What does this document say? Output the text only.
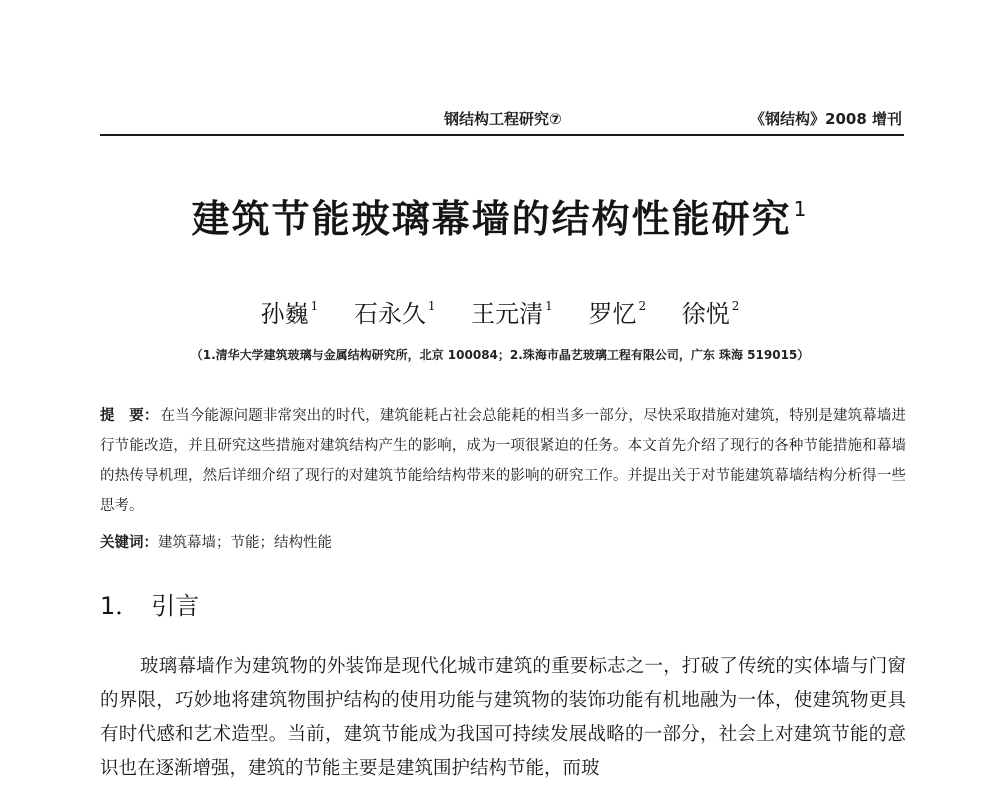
钢结构工程研究⑦	《钢结构》2008 增刊
建筑节能玻璃幕墙的结构性能研究 $^1$
孙巍 $^1$ 石永久 $^1$ 王元清 $^1$ 罗忆 $^2$ 徐悦 $^2$
（1.清华大学建筑玻璃与金属结构研究所，北京 100084；2.珠海市晶艺玻璃工程有限公司，广东 珠海 519015）
提　要： 在当今能源问题非常突出的时代，建筑能耗占社会总能耗的相当多一部分，尽快采取措施对建筑，特别是建筑幕墙进行节能改造，并且研究这些措施对建筑结构产生的影响，成为一项很紧迫的任务。本文首先介绍了现行的各种节能措施和幕墙的热传导机理，然后详细介绍了现行的对建筑节能给结构带来的影响的研究工作。并提出关于对节能建筑幕墙结构分析得一些思考。
关键词：建筑幕墙；节能；结构性能
1． 引言
玻璃幕墙作为建筑物的外装饰是现代化城市建筑的重要标志之一，打破了传统的实体墙与门窗的界限，巧妙地将建筑物围护结构的使用功能与建筑物的装饰功能有机地融为一体，使建筑物更具有时代感和艺术造型。当前，建筑节能成为我国可持续发展战略的一部分，社会上对建筑节能的意识也在逐渐增强，建筑的节能主要是建筑围护结构节能，而玻
